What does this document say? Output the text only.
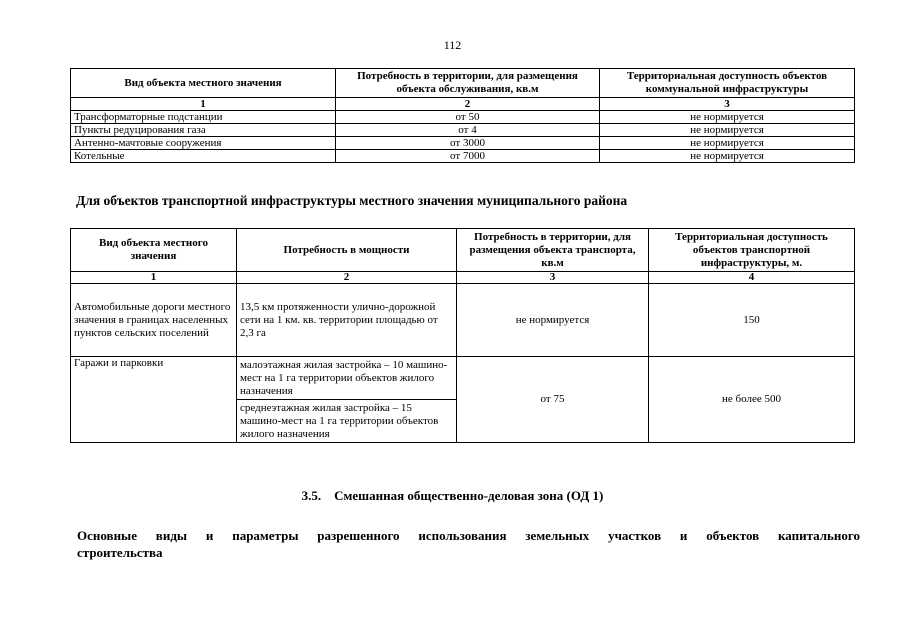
112
Вид объекта местного значения	Потребность в территории, для размещения объекта обслуживания, кв.м	Территориальная доступность объектов коммунальной инфраструктуры
1	2	3
Трансформаторные подстанции	от 50	не нормируется
Пункты редуцирования газа	от 4	не нормируется
Антенно-мачтовые сооружения	от 3000	не нормируется
Котельные	от 7000	не нормируется
Для объектов транспортной инфраструктуры местного значения муниципального района
Вид объекта местного значения	Потребность в мощности	Потребность в территории, для размещения объекта транспорта, кв.м	Территориальная доступность объектов транспортной инфраструктуры, м.
1	2	3	4
Автомобильные дороги местного значения в границах населенных пунктов сельских поселений	13,5 км протяженности улично-дорожной сети на 1 км. кв. территории площадью от 2,3 га	не нормируется	150
Гаражи и парковки	малоэтажная жилая застройка – 10 машино-мест на 1 га территории объектов жилого назначения	от 75	не более 500
	среднеэтажная жилая застройка – 15 машино-мест на 1 га территории объектов жилого назначения		
3.5.    Смешанная общественно-деловая зона (ОД 1)
Основные виды и параметры разрешенного использования земельных участков и объектов капитального
строительства
